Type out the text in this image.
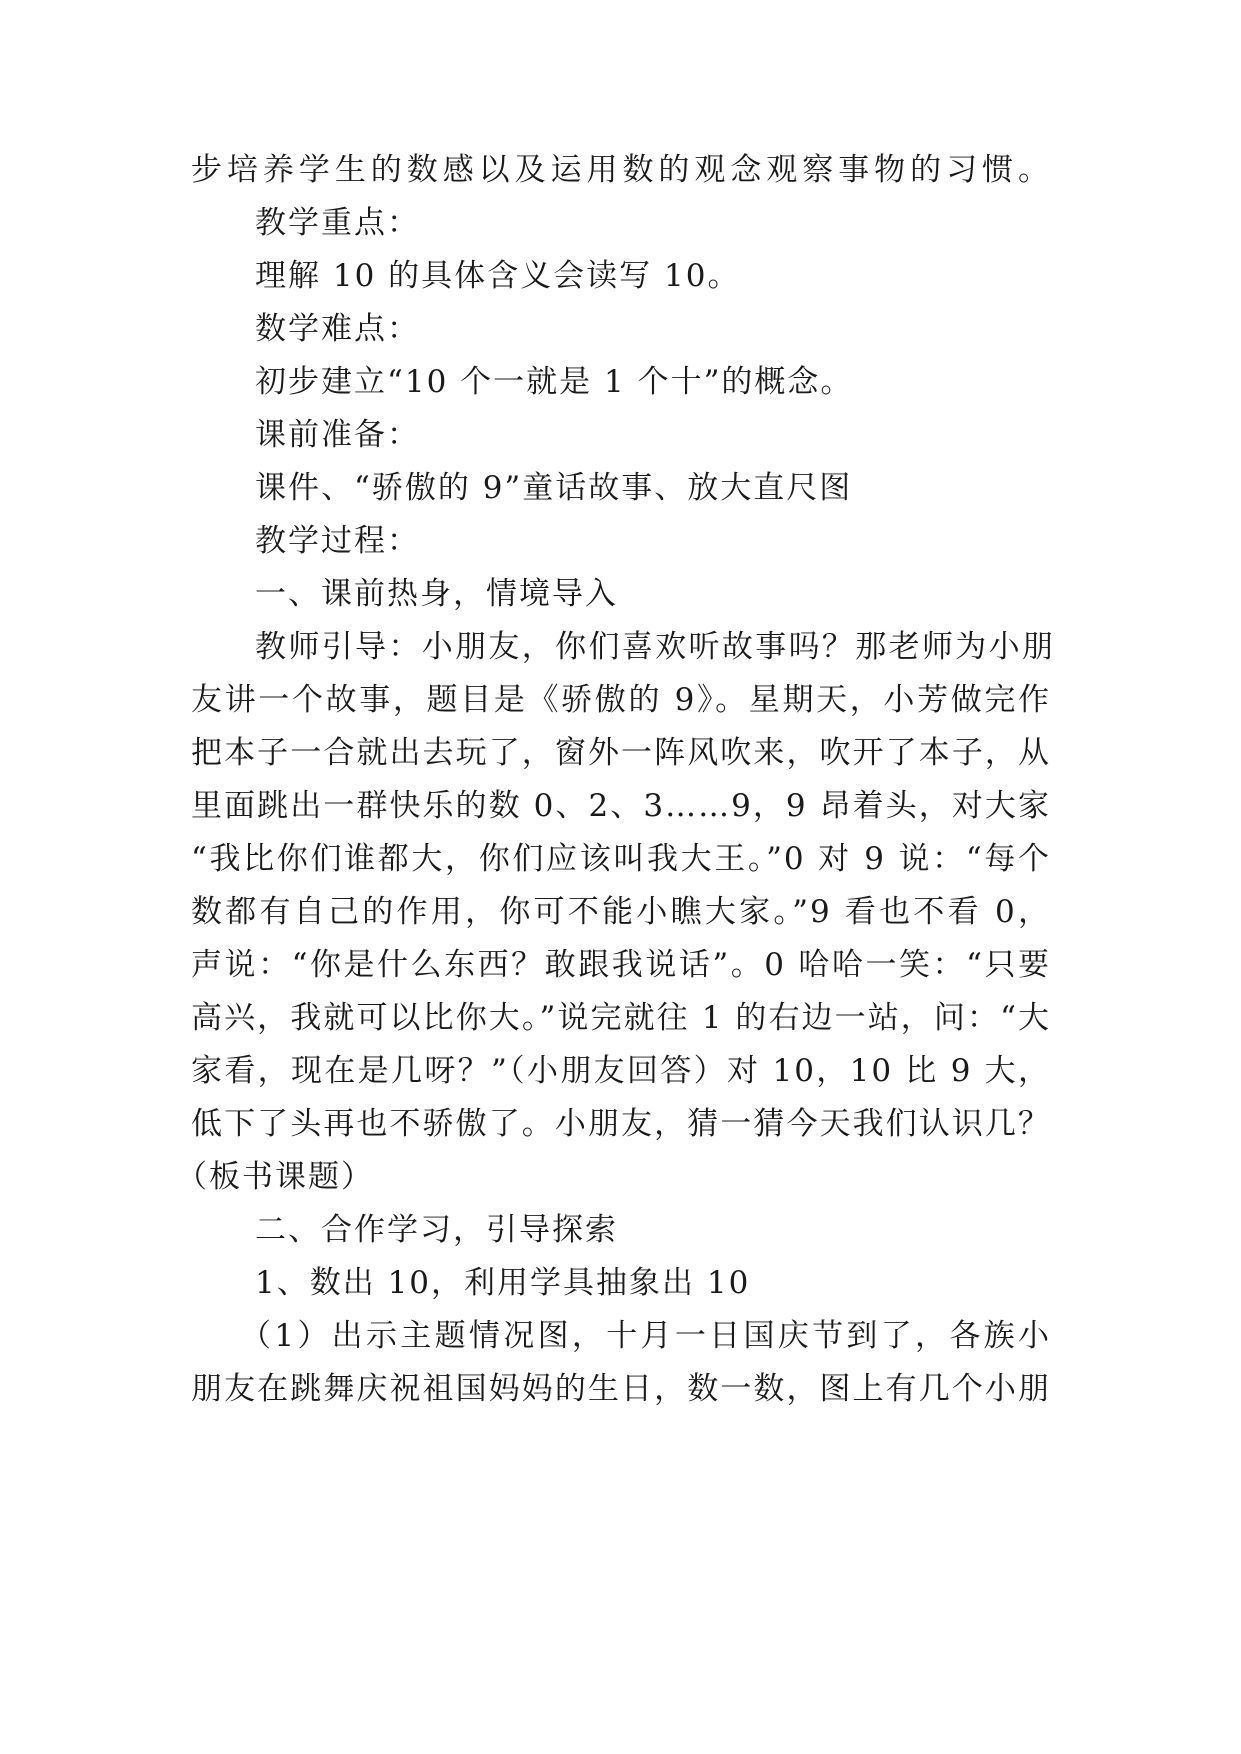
步培养学生的数感以及运用数的观念观察事物的习惯。
教学重点：
理解 10 的具体含义会读写 10。
数学难点：
初步建立“10 个一就是 1 个十”的概念。
课前准备：
课件、“骄傲的 9”童话故事、放大直尺图
教学过程：
一、课前热身，情境导入
教师引导：小朋友，你们喜欢听故事吗？那老师为小朋
友讲一个故事，题目是《骄傲的 9》。星期天，小芳做完作
把本子一合就出去玩了，窗外一阵风吹来，吹开了本子，从
里面跳出一群快乐的数 0、2、3……9，9 昂着头，对大家
“我比你们谁都大，你们应该叫我大王。”0 对 9 说：“每个
数都有自己的作用，你可不能小瞧大家。”9 看也不看 0，
声说：“你是什么东西？敢跟我说话”。0 哈哈一笑：“只要
高兴，我就可以比你大。”说完就往 1 的右边一站，问：“大
家看，现在是几呀？”（小朋友回答）对 10，10 比 9 大，
低下了头再也不骄傲了。小朋友，猜一猜今天我们认识几？
（板书课题）
二、合作学习，引导探索
1、数出 10，利用学具抽象出 10
（1）出示主题情况图，十月一日国庆节到了，各族小
朋友在跳舞庆祝祖国妈妈的生日，数一数，图上有几个小朋
